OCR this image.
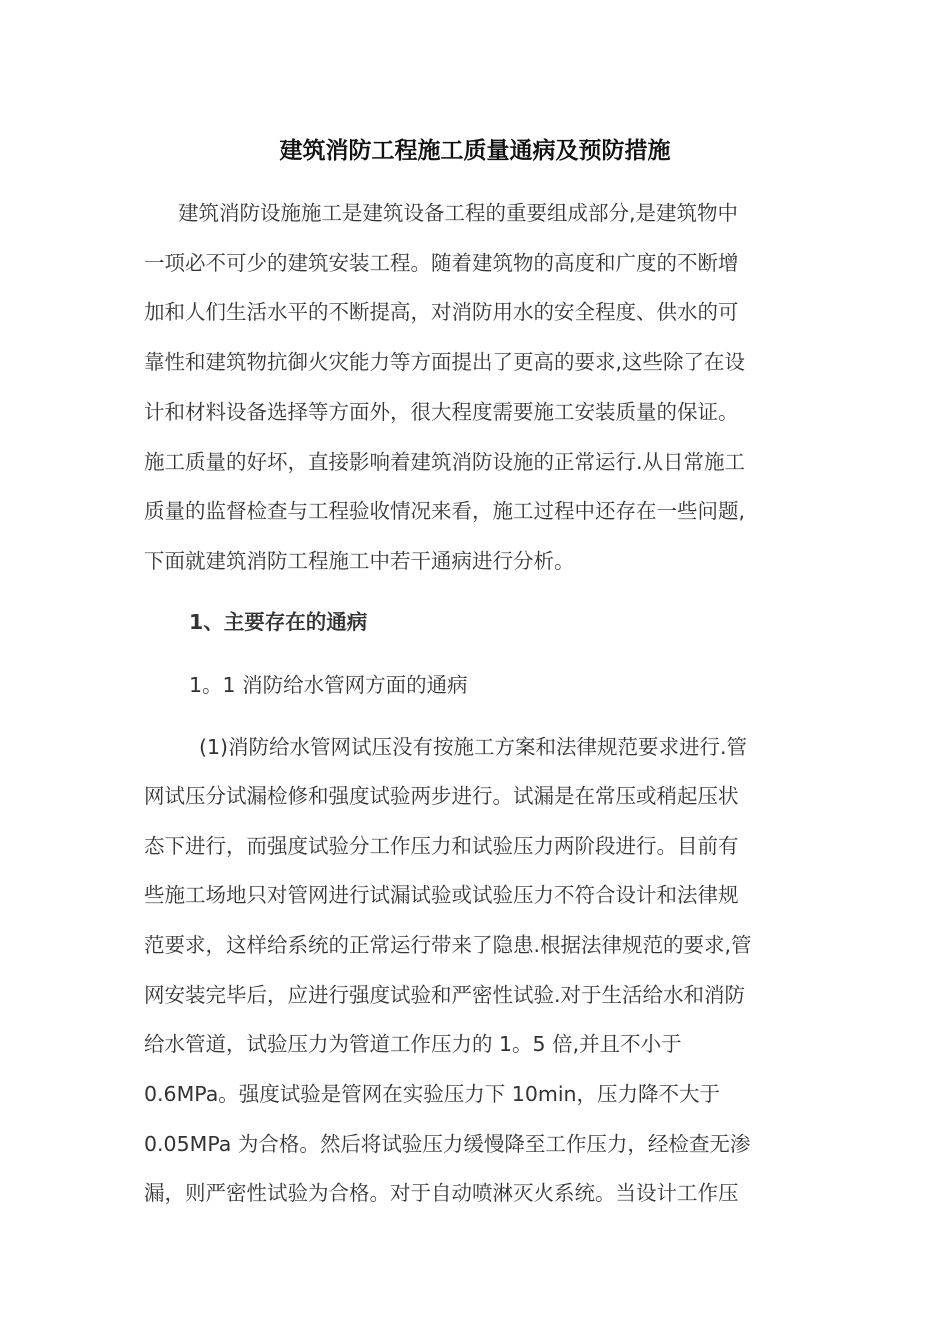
建筑消防工程施工质量通病及预防措施
建筑消防设施施工是建筑设备工程的重要组成部分,是建筑物中
一项必不可少的建筑安装工程。随着建筑物的高度和广度的不断增
加和人们生活水平的不断提高，对消防用水的安全程度、供水的可
靠性和建筑物抗御火灾能力等方面提出了更高的要求,这些除了在设
计和材料设备选择等方面外，很大程度需要施工安装质量的保证。
施工质量的好坏，直接影响着建筑消防设施的正常运行.从日常施工
质量的监督检查与工程验收情况来看，施工过程中还存在一些问题,
下面就建筑消防工程施工中若干通病进行分析。
1、主要存在的通病
1。1 消防给水管网方面的通病
(1)消防给水管网试压没有按施工方案和法律规范要求进行.管
网试压分试漏检修和强度试验两步进行。试漏是在常压或稍起压状
态下进行，而强度试验分工作压力和试验压力两阶段进行。目前有
些施工场地只对管网进行试漏试验或试验压力不符合设计和法律规
范要求，这样给系统的正常运行带来了隐患.根据法律规范的要求,管
网安装完毕后，应进行强度试验和严密性试验.对于生活给水和消防
给水管道，试验压力为管道工作压力的 1。5 倍,并且不小于
0.6MPa。强度试验是管网在实验压力下 10min，压力降不大于
0.05MPa 为合格。然后将试验压力缓慢降至工作压力，经检查无渗
漏，则严密性试验为合格。对于自动喷淋灭火系统。当设计工作压
